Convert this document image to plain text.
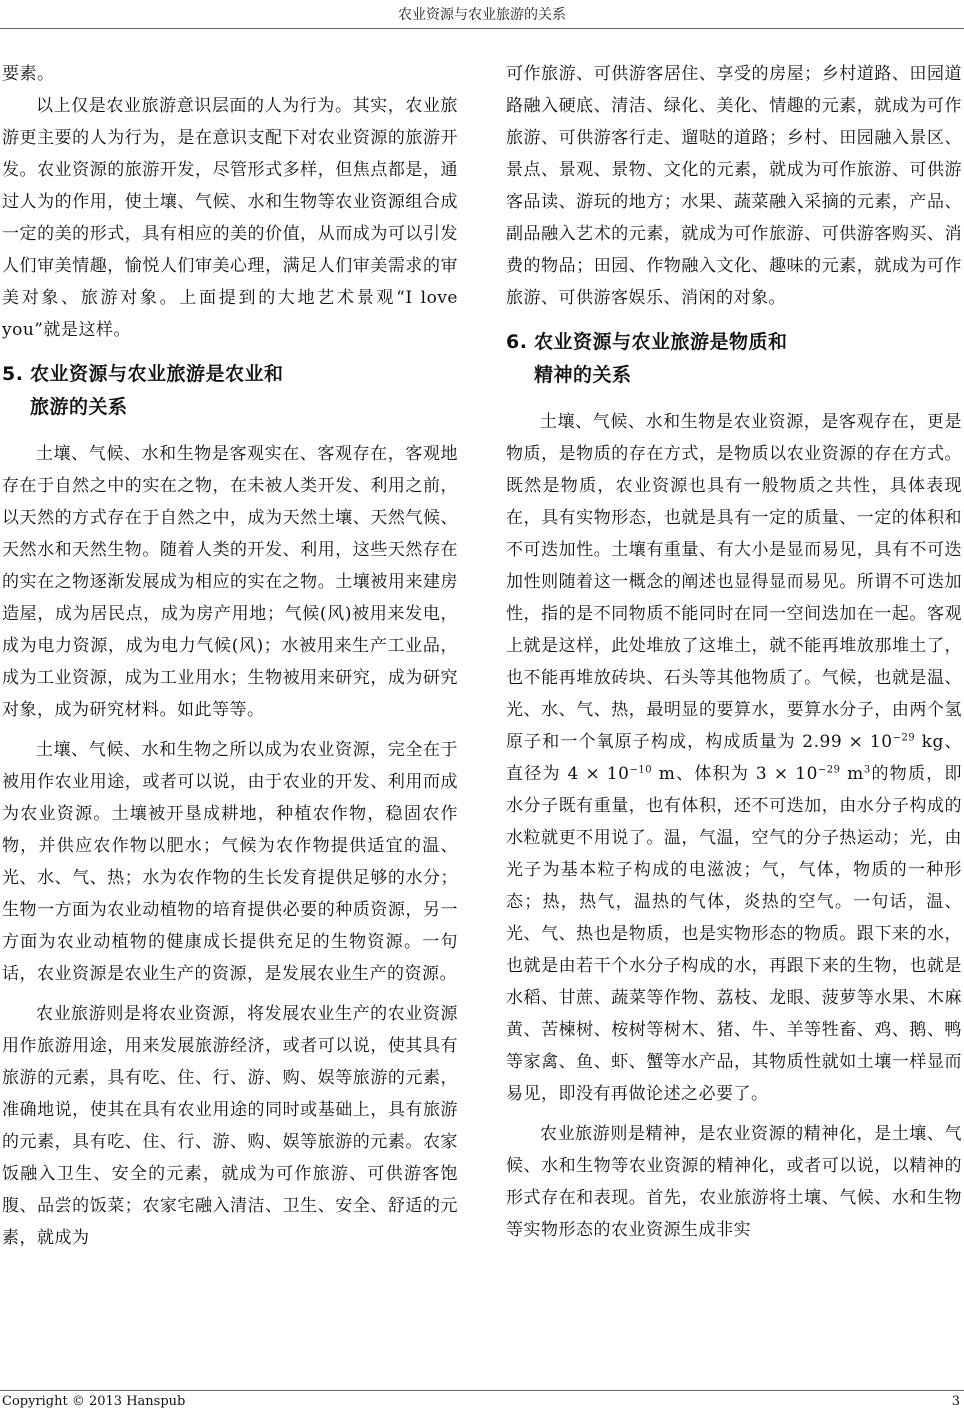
农业资源与农业旅游的关系

要素。

以上仅是农业旅游意识层面的人为行为。其实，农业旅游更主要的人为行为，是在意识支配下对农业资源的旅游开发。农业资源的旅游开发，尽管形式多样，但焦点都是，通过人为的作用，使土壤、气候、水和生物等农业资源组合成一定的美的形式，具有相应的美的价值，从而成为可以引发人们审美情趣，愉悦人们审美心理，满足人们审美需求的审美对象、旅游对象。上面提到的大地艺术景观“I love you”就是这样。

5. 农业资源与农业旅游是农业和
旅游的关系

土壤、气候、水和生物是客观实在、客观存在，客观地存在于自然之中的实在之物，在未被人类开发、利用之前，以天然的方式存在于自然之中，成为天然土壤、天然气候、天然水和天然生物。随着人类的开发、利用，这些天然存在的实在之物逐渐发展成为相应的实在之物。土壤被用来建房造屋，成为居民点，成为房产用地；气候(风)被用来发电，成为电力资源，成为电力气候(风)；水被用来生产工业品，成为工业资源，成为工业用水；生物被用来研究，成为研究对象，成为研究材料。如此等等。

土壤、气候、水和生物之所以成为农业资源，完全在于被用作农业用途，或者可以说，由于农业的开发、利用而成为农业资源。土壤被开垦成耕地，种植农作物，稳固农作物，并供应农作物以肥水；气候为农作物提供适宜的温、光、水、气、热；水为农作物的生长发育提供足够的水分；生物一方面为农业动植物的培育提供必要的种质资源，另一方面为农业动植物的健康成长提供充足的生物资源。一句话，农业资源是农业生产的资源，是发展农业生产的资源。

农业旅游则是将农业资源，将发展农业生产的农业资源用作旅游用途，用来发展旅游经济，或者可以说，使其具有旅游的元素，具有吃、住、行、游、购、娱等旅游的元素，准确地说，使其在具有农业用途的同时或基础上，具有旅游的元素，具有吃、住、行、游、购、娱等旅游的元素。农家饭融入卫生、安全的元素，就成为可作旅游、可供游客饱腹、品尝的饭菜；农家宅融入清洁、卫生、安全、舒适的元素，就成为

可作旅游、可供游客居住、享受的房屋；乡村道路、田园道路融入硬底、清洁、绿化、美化、情趣的元素，就成为可作旅游、可供游客行走、遛哒的道路；乡村、田园融入景区、景点、景观、景物、文化的元素，就成为可作旅游、可供游客品读、游玩的地方；水果、蔬菜融入采摘的元素，产品、副品融入艺术的元素，就成为可作旅游、可供游客购买、消费的物品；田园、作物融入文化、趣味的元素，就成为可作旅游、可供游客娱乐、消闲的对象。

6. 农业资源与农业旅游是物质和
精神的关系

土壤、气候、水和生物是农业资源，是客观存在，更是物质，是物质的存在方式，是物质以农业资源的存在方式。既然是物质，农业资源也具有一般物质之共性，具体表现在，具有实物形态，也就是具有一定的质量、一定的体积和不可迭加性。土壤有重量、有大小是显而易见，具有不可迭加性则随着这一概念的阐述也显得显而易见。所谓不可迭加性，指的是不同物质不能同时在同一空间迭加在一起。客观上就是这样，此处堆放了这堆土，就不能再堆放那堆土了，也不能再堆放砖块、石头等其他物质了。气候，也就是温、光、水、气、热，最明显的要算水，要算水分子，由两个氢原子和一个氧原子构成，构成质量为 $2.99 \times 10^{-29}$ kg、直径为 $4 \times 10^{-10}$ m、体积为 $3 \times 10^{-29}$ $m^3$的物质，即水分子既有重量，也有体积，还不可迭加，由水分子构成的水粒就更不用说了。温，气温，空气的分子热运动；光，由光子为基本粒子构成的电滋波；气，气体，物质的一种形态；热，热气，温热的气体，炎热的空气。一句话，温、光、气、热也是物质，也是实物形态的物质。跟下来的水，也就是由若干个水分子构成的水，再跟下来的生物，也就是水稻、甘蔗、蔬菜等作物、荔枝、龙眼、菠萝等水果、木麻黄、苦楝树、桉树等树木、猪、牛、羊等牲畜、鸡、鹅、鸭等家禽、鱼、虾、蟹等水产品，其物质性就如土壤一样显而易见，即没有再做论述之必要了。

农业旅游则是精神，是农业资源的精神化，是土壤、气候、水和生物等农业资源的精神化，或者可以说，以精神的形式存在和表现。首先，农业旅游将土壤、气候、水和生物等实物形态的农业资源生成非实

Copyright © 2013 Hanspub	3
